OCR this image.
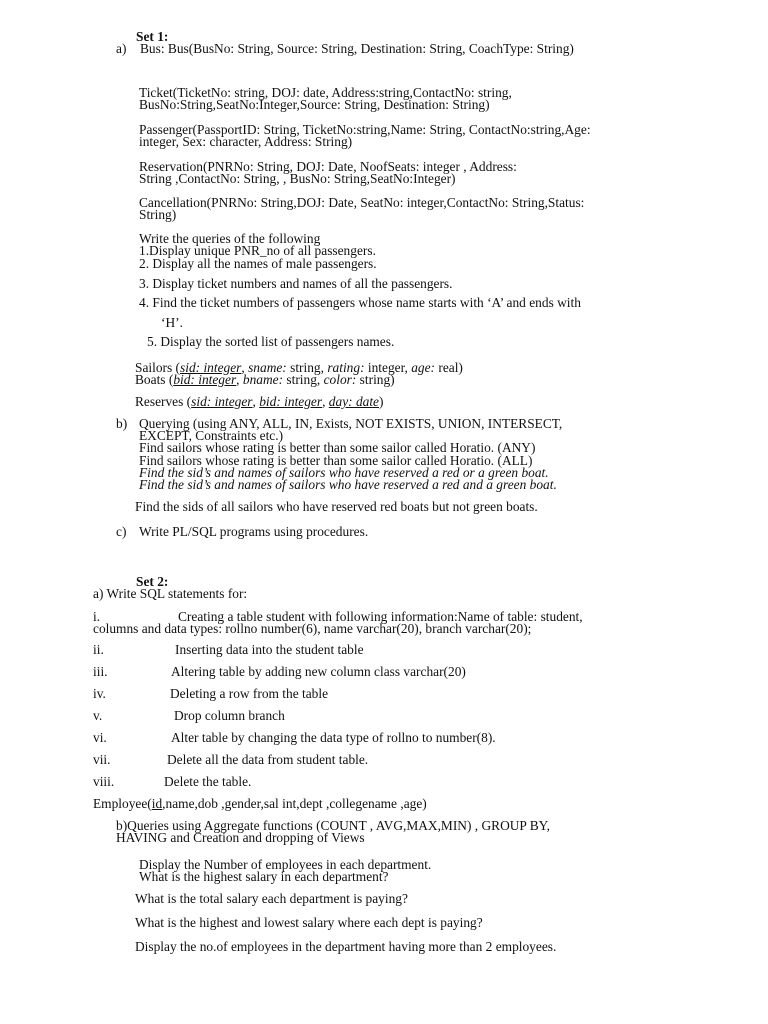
Set 1:
a) Bus: Bus(BusNo: String, Source: String, Destination: String, CoachType: String)
Ticket(TicketNo: string, DOJ: date, Address:string,ContactNo: string,
BusNo:String,SeatNo:Integer,Source: String, Destination: String)
Passenger(PassportID: String, TicketNo:string,Name: String, ContactNo:string,Age:
integer, Sex: character, Address: String)
Reservation(PNRNo: String, DOJ: Date, NoofSeats: integer , Address:
String ,ContactNo: String, , BusNo: String,SeatNo:Integer)
Cancellation(PNRNo: String,DOJ: Date, SeatNo: integer,ContactNo: String,Status:
String)
Write the queries of the following
1.Display unique PNR_no of all passengers.
2. Display all the names of male passengers.
3. Display ticket numbers and names of all the passengers.
4. Find the ticket numbers of passengers whose name starts with ‘A’ and ends with
‘H’.
5. Display the sorted list of passengers names.
Sailors (sid: integer, sname: string, rating: integer, age: real)
Boats (bid: integer, bname: string, color: string)
Reserves (sid: integer, bid: integer, day: date)
b) Querying (using ANY, ALL, IN, Exists, NOT EXISTS, UNION, INTERSECT,
EXCEPT, Constraints etc.)
Find sailors whose rating is better than some sailor called Horatio. (ANY)
Find sailors whose rating is better than some sailor called Horatio. (ALL)
Find the sid’s and names of sailors who have reserved a red or a green boat.
Find the sid’s and names of sailors who have reserved a red and a green boat.
Find the sids of all sailors who have reserved red boats but not green boats.
c) Write PL/SQL programs using procedures.
Set 2:
a) Write SQL statements for:
i.	Creating a table student with following information:Name of table: student,
columns and data types: rollno number(6), name varchar(20), branch varchar(20);
ii.	Inserting data into the student table
iii.	Altering table by adding new column class varchar(20)
iv.	Deleting a row from the table
v.	Drop column branch
vi.	Alter table by changing the data type of rollno to number(8).
vii.	Delete all the data from student table.
viii.	Delete the table.
Employee(id,name,dob ,gender,sal int,dept ,collegename ,age)
b)Queries using Aggregate functions (COUNT , AVG,MAX,MIN) , GROUP BY,
HAVING and Creation and dropping of Views
Display the Number of employees in each department.
What is the highest salary in each department?
What is the total salary each department is paying?
What is the highest and lowest salary where each dept is paying?
Display the no.of employees in the department having more than 2 employees.
